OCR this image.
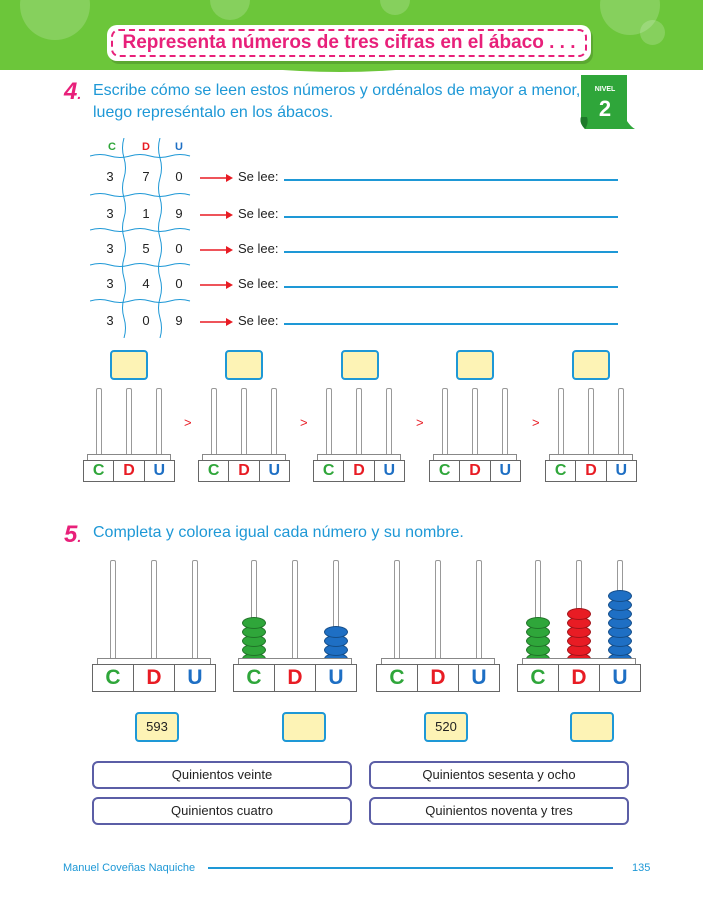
Representa números de tres cifras en el ábaco . . .
4. Escribe cómo se leen estos números y ordénalos de mayor a menor,
luego represéntalo en los ábacos.
NIVEL
2
C D U
3	7	0	Se lee:
3	1	9	Se lee:
3	5	0	Se lee:
3	4	0	Se lee:
3	0	9	Se lee:
>	>	>	>
C	D	U	C	D	U	C	D	U	C	D	U	C	D	U
5. Completa y colorea igual cada número y su nombre.
C	D	U	C	D	U	C	D	U	C	D	U
593	520
Quinientos veinte	Quinientos sesenta y ocho
Quinientos cuatro	Quinientos noventa y tres
Manuel Coveñas Naquiche	135
